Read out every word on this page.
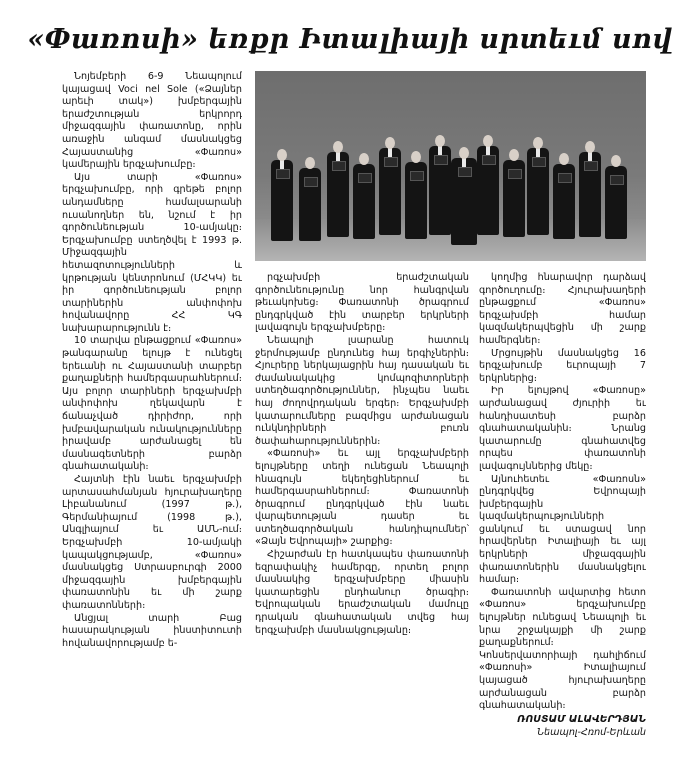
«Փառոսի» եռքր Իտալիայի սրտեւմ սով

Նոյեմբերի 6-9 Նեապոլում կայացավ Voci nel Sole («Ձայներ արեւի տակ») խմբերգային երաժշտության երկրորդ միջազգային փառատոնը, որին առաջին անգամ մասնակցեց Հայաստանից «Փառոս» կամերային երգչախումբը։

Այս տարի «Փառոս» երգչախումբը, որի գրեթե բոլոր անդամները համալսարանի ուսանողներ են, նշում է իր գործունեության 10-ամյակը։ Երգչախումբը ստեղծվել է 1993 թ. Միջազգային հետազոտությունների և կրթության կենտրոնում (ՄՀԿԿ) եւ իր գործունեության բոլոր տարիներին անփոփոխ հովանավորը ՀՀ ԿԳ նախարարությունն է։

10 տարվա ընթացքում «Փառոս» թանգարանը ելույթ է ունեցել երեւանի ու Հայաստանի տարբեր քաղաքների համերգասրահներում։ Այս բոլոր տարիների երգչախմբի անփոփոխ ղեկավարն է ճանաչված դիրիժոր, որի խմբավարական ունակությունները իրավամբ արժանացել են մասնագետների բարձր գնահատականի։

Հայտնի էին նաեւ երգչախմբի արտասահմանյան հյուրախաղերը Լիբանանում (1997 թ.), Գերմանիայում (1998 թ.), Անգլիայում եւ ԱՄՆ-ում։ Երգչախմբի 10-ամյակի կապակցությամբ, «Փառոս» մասնակցեց Ստրասբուրգի 2000 միջազգային խմբերգային փառատոնին եւ մի շարք փառատոնների։

Անցյալ տարի Բաց հասարակության ինստիտուտի հովանավորությամբ ե-

րգչախմբի երաժշտական գործունեությունը նոր հանգրվան թեւակոխեց։ Փառատոնի ծրագրում ընդգրկված էին տարբեր երկրների լավագույն երգչախմբերը։

Նեապոլի լսարանը հատուկ ջերմությամբ ընդունեց հայ երգիչներին։ Հյուրերը ներկայացրին հայ դասական եւ ժամանակակից կոմպոզիտորների ստեղծագործություններ, ինչպես նաեւ հայ ժողովրդական երգեր։ Երգչախմբի կատարումները բազմիցս արժանացան ունկնդիրների բուռն ծափահարություններին։

«Փառոսի» եւ այլ երգչախմբերի ելույթները տեղի ունեցան Նեապոլի հնագույն եկեղեցիներում եւ համերգասրահներում։ Փառատոնի ծրագրում ընդգրկված էին նաեւ վարպետության դասեր եւ ստեղծագործական հանդիպումներ՝ «Ձայն Եվրոպայի» շարքից։

Հիշարժան էր հատկապես փառատոնի եզրափակիչ համերգը, որտեղ բոլոր մասնակից երգչախմբերը միասին կատարեցին ընդհանուր ծրագիր։ Եվրոպական երաժշտական մամուլը դրական գնահատական տվեց հայ երգչախմբի մասնակցությանը։

կողմից հնարավոր դարձավ գործուղումը։ Հյուրախաղերի ընթացքում «Փառոս» երգչախմբի համար կազմակերպվեցին մի շարք համերգներ։

Մրցույթին մասնակցեց 16 երգչախումբ եւրոպայի 7 երկրներից։

Իր ելույթով «Փառոսը» արժանացավ ժյուրիի եւ հանդիսատեսի բարձր գնահատականին։ Նրանց կատարումը գնահատվեց որպես փառատոնի լավագույններից մեկը։

Այնուհետեւ «Փառոսն» ընդգրկվեց Եվրոպայի խմբերգային կազմակերպությունների ցանկում եւ ստացավ նոր հրավերներ Իտալիայի եւ այլ երկրների միջազգային փառատոներին մասնակցելու համար։

Փառատոնի ավարտից հետո «Փառոս» երգչախումբը ելույթներ ունեցավ Նեապոլի եւ նրա շրջակայքի մի շարք քաղաքներում։ Կոնսերվատորիայի դահլիճում «Փառոսի» Իտալիայում կայացած հյուրախաղերը արժանացան բարձր գնահատականի։

ՌՈՍՏԱՄ ԱԼԱՎԵՐԴՅԱՆ
Նեապոլ-Հռոմ-Երևան
